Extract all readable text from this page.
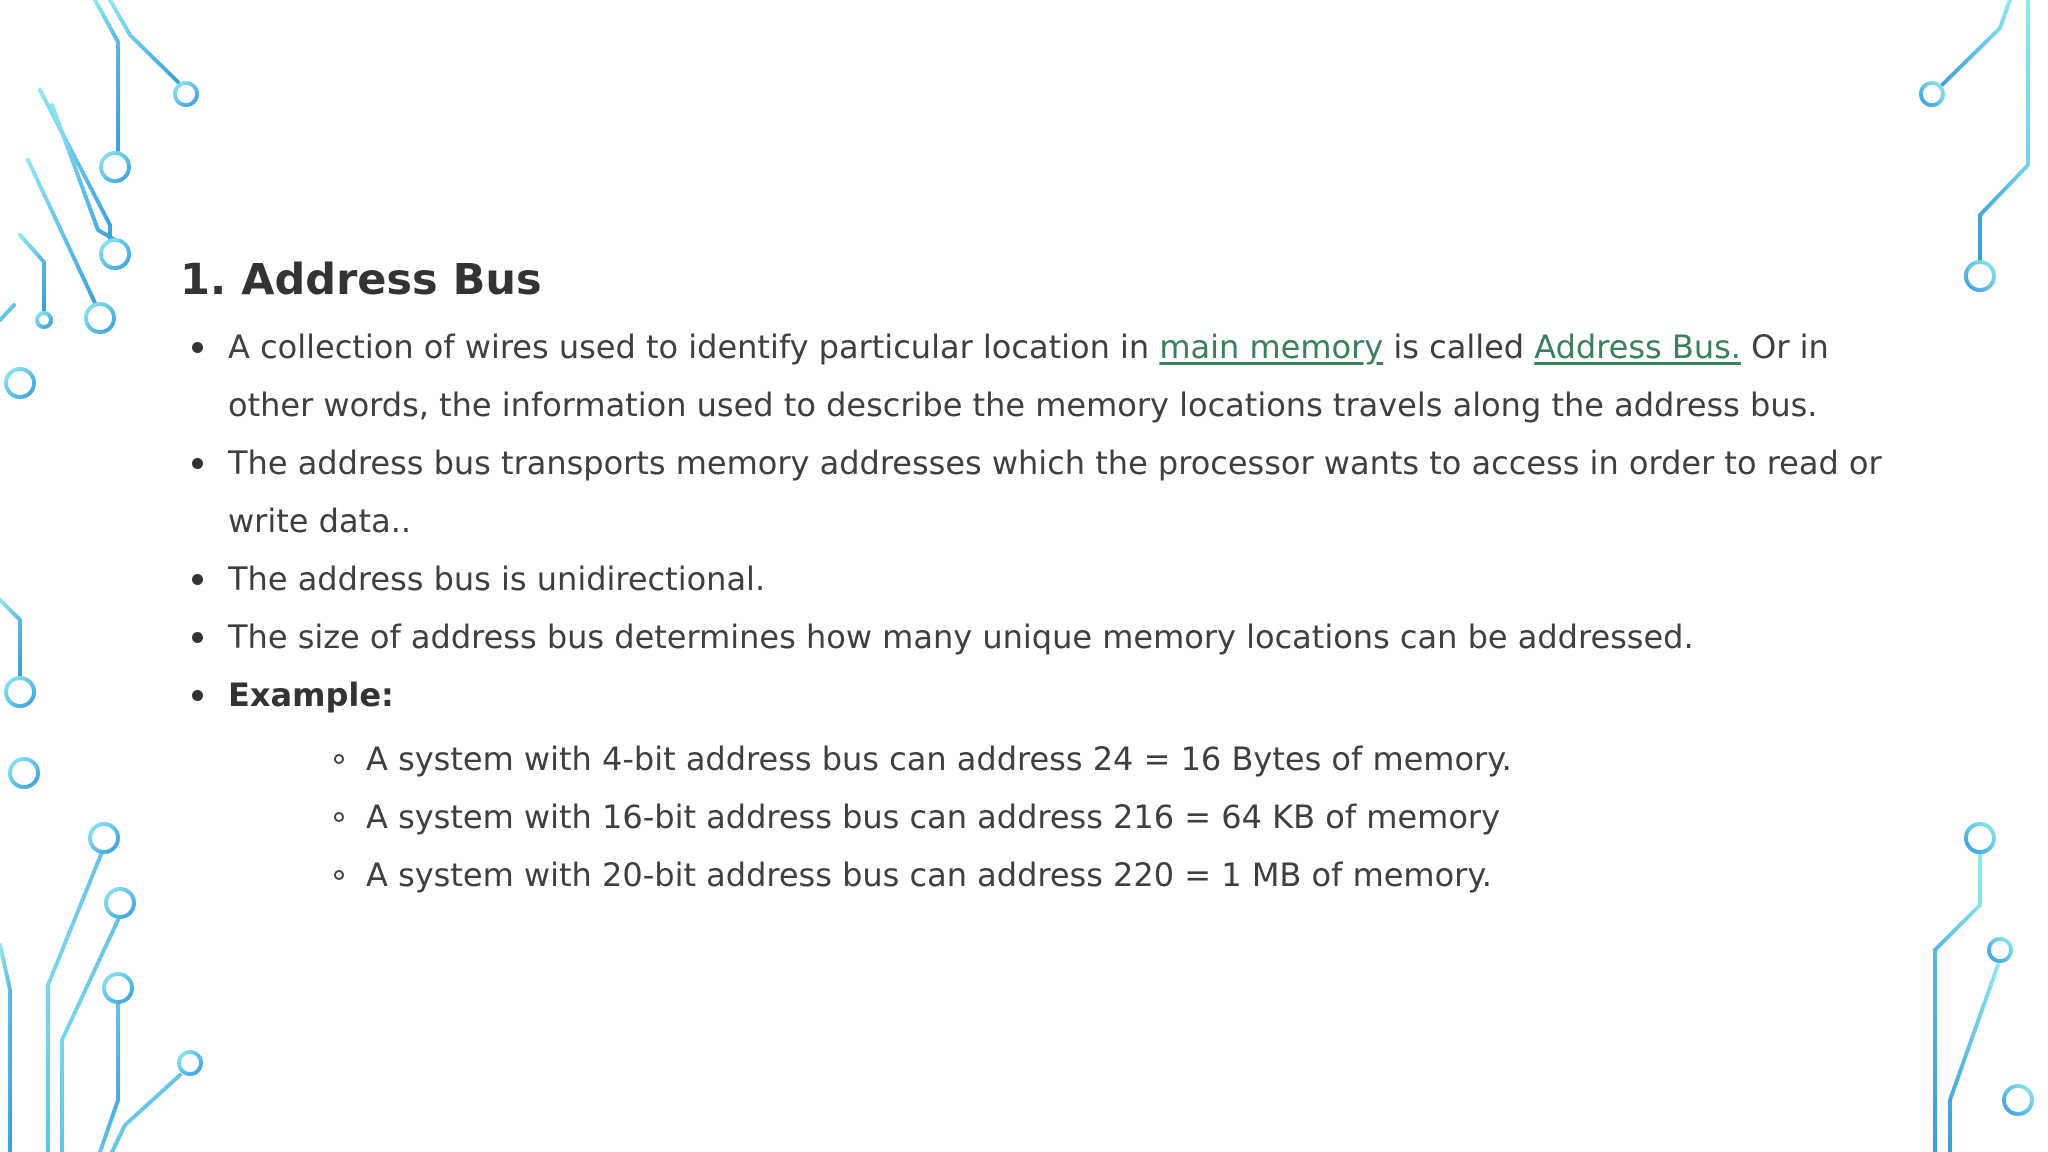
1. Address Bus
A collection of wires used to identify particular location in main memory is called Address Bus. Or in other words, the information used to describe the memory locations travels along the address bus.
The address bus transports memory addresses which the processor wants to access in order to read or write data..
The address bus is unidirectional.
The size of address bus determines how many unique memory locations can be addressed.
Example:
A system with 4-bit address bus can address 24 = 16 Bytes of memory.
A system with 16-bit address bus can address 216 = 64 KB of memory
A system with 20-bit address bus can address 220 = 1 MB of memory.
